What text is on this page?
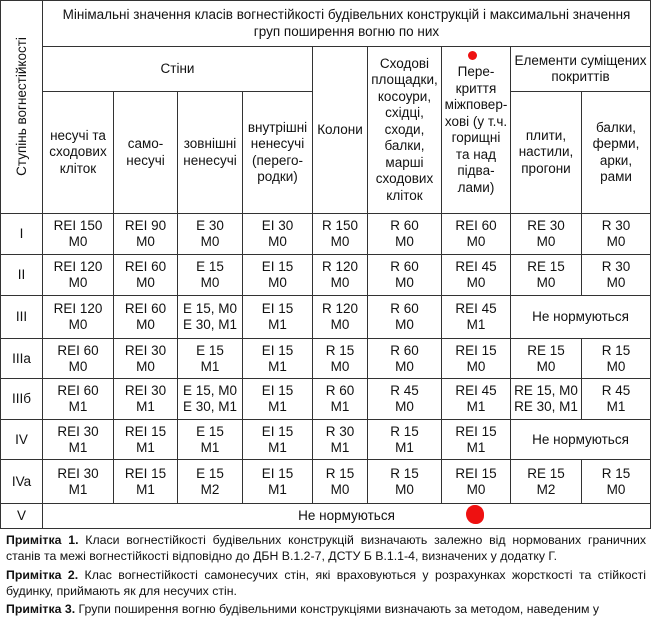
Ступінь вогнестійкості
Мінімальні значення класів вогнестійкості будівельних конструкцій і максимальні значення
груп поширення вогню по них
Стіни
несучі та
сходових
кліток
само-
несучі
зовнішні
ненесучі
внутрішні
ненесучі
(перего-
родки)
Колони
Сходові
площадки,
косоури,
східці,
сходи,
балки,
марші
сходових
кліток
Пере-
криття
міжповер-
хові (у т.ч.
горищні
та над
підва-
лами)
Елементи суміщених
покриттів
плити,
настили,
прогони
балки,
ферми,
арки,
рами
I
REI 150
M0
REI 90
M0
E 30
M0
EI 30
M0
R 150
M0
R 60
M0
REI 60
M0
RE 30
M0
R 30
M0
II
REI 120
M0
REI 60
M0
E 15
M0
EI 15
M0
R 120
M0
R 60
M0
REI 45
M0
RE 15
M0
R 30
M0
III
REI 120
M0
REI 60
M0
E 15, M0
E 30, M1
EI 15
M1
R 120
M0
R 60
M0
REI 45
M1
Не нормуються
IIIa
REI 60
M0
REI 30
M0
E 15
M1
EI 15
M1
R 15
M0
R 60
M0
REI 15
M0
RE 15
M0
R 15
M0
IIIб
REI 60
M1
REI 30
M1
E 15, M0
E 30, M1
EI 15
M1
R 60
M1
R 45
M0
REI 45
M1
RE 15, M0
RE 30, M1
R 45
M1
IV
REI 30
M1
REI 15
M1
E 15
M1
EI 15
M1
R 30
M1
R 15
M1
REI 15
M1
Не нормуються
IVa
REI 30
M1
REI 15
M1
E 15
M2
EI 15
M1
R 15
M0
R 15
M0
REI 15
M0
RE 15
M2
R 15
M0
V	Не нормуються
Примітка 1. Класи вогнестійкості будівельних конструкцій визначають залежно від нормованих граничних станів та межі вогнестійкості відповідно до ДБН В.1.2-7, ДСТУ Б В.1.1-4, визначених у додатку Г.
Примітка 2. Клас вогнестійкості самонесучих стін, які враховуються у розрахунках жорсткості та стійкості будинку, приймають як для несучих стін.
Примітка 3. Групи поширення вогню будівельними конструкціями визначають за методом, наведеним у
